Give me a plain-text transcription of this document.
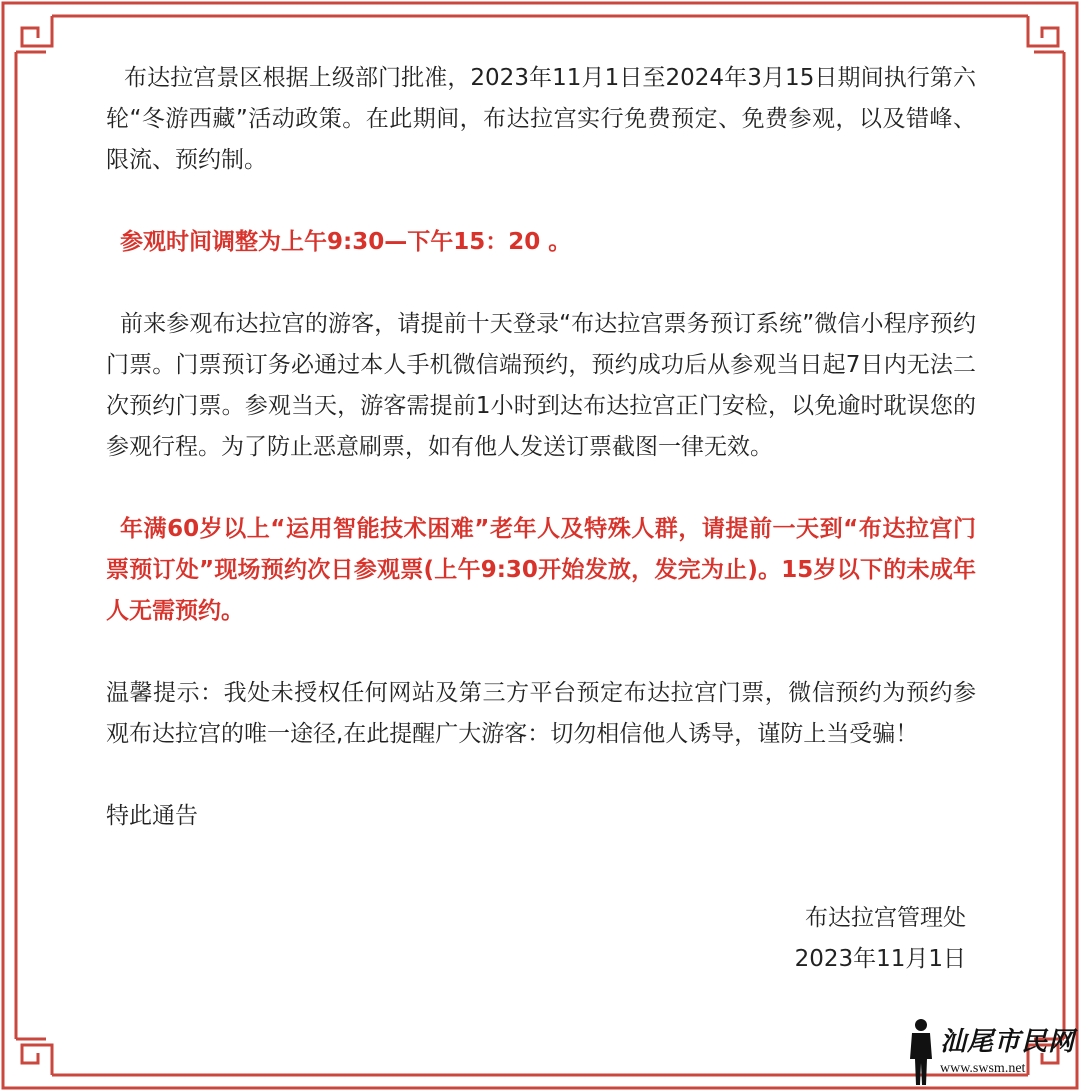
布达拉宫景区根据上级部门批准，2023年11月1日至2024年3月15日期间执行第六轮“冬游西藏”活动政策。在此期间，布达拉宫实行免费预定、免费参观，以及错峰、限流、预约制。

参观时间调整为上午9:30—下午15：20 。

前来参观布达拉宫的游客，请提前十天登录“布达拉宫票务预订系统”微信小程序预约门票。门票预订务必通过本人手机微信端预约，预约成功后从参观当日起7日内无法二次预约门票。参观当天，游客需提前1小时到达布达拉宫正门安检，以免逾时耽误您的参观行程。为了防止恶意刷票，如有他人发送订票截图一律无效。

年满60岁以上“运用智能技术困难”老年人及特殊人群，请提前一天到“布达拉宫门票预订处”现场预约次日参观票(上午9:30开始发放，发完为止)。15岁以下的未成年人无需预约。

温馨提示：我处未授权任何网站及第三方平台预定布达拉宫门票，微信预约为预约参观布达拉宫的唯一途径,在此提醒广大游客：切勿相信他人诱导，谨防上当受骗！

特此通告

布达拉宫管理处

2023年11月1日

汕尾市民网
www.swsm.net
